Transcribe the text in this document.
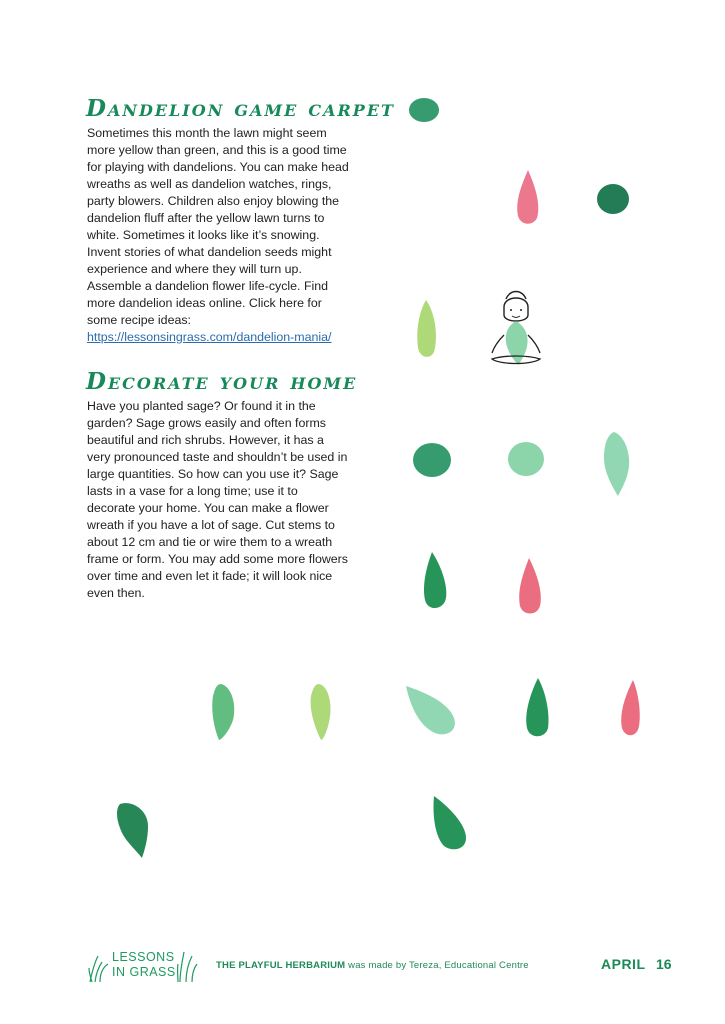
Dandelion game carpet

Sometimes this month the lawn might seem more yellow than green, and this is a good time for playing with dandelions. You can make head wreaths as well as dandelion watches, rings, party blowers. Children also enjoy blowing the dandelion fluff after the yellow lawn turns to white. Sometimes it looks like it’s snowing. Invent stories of what dandelion seeds might experience and where they will turn up. Assemble a dandelion flower life-cycle. Find more dandelion ideas online. Click here for some recipe ideas: https://lessonsingrass.com/dandelion-mania/

Decorate your home

Have you planted sage? Or found it in the garden? Sage grows easily and often forms beautiful and rich shrubs. However, it has a very pronounced taste and shouldn’t be used in large quantities. So how can you use it? Sage lasts in a vase for a long time; use it to decorate your home. You can make a flower wreath if you have a lot of sage. Cut stems to about 12 cm and tie or wire them to a wreath frame or form. You may add some more flowers over time and even let it fade; it will look nice even then.

LESSONS
IN GRASS	THE PLAYFUL HERBARIUM was made by Tereza, Educational Centre	APRIL 16
